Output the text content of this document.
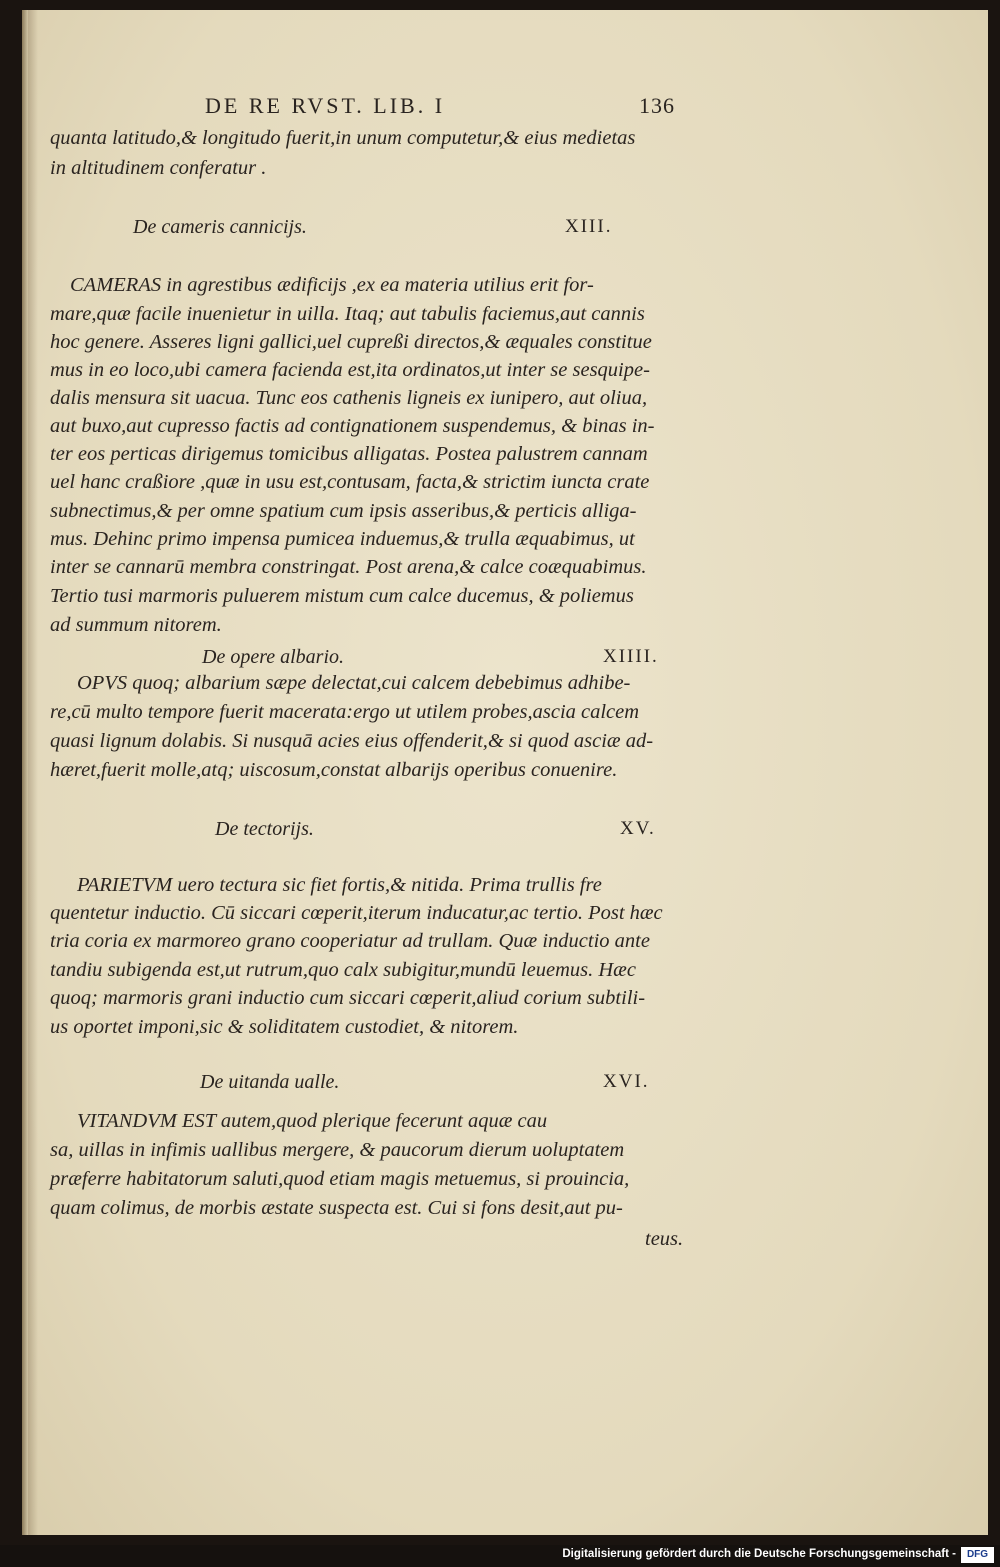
DE RE RVST. LIB. I	136
quanta latitudo,& longitudo fuerit,in unum computetur,& eius medietas
in altitudinem conferatur .
De cameris cannicijs.	XIII.
CAMERAS in agrestibus ædificijs ,ex ea materia utilius erit for-
mare,quæ facile inuenietur in uilla. Itaq; aut tabulis faciemus,aut cannis
hoc genere. Asseres ligni gallici,uel cupreßi directos,& æquales constitue
mus in eo loco,ubi camera facienda est,ita ordinatos,ut inter se sesquipe-
dalis mensura sit uacua. Tunc eos cathenis ligneis ex iunipero, aut oliua,
aut buxo,aut cupresso factis ad contignationem suspendemus, & binas in-
ter eos perticas dirigemus tomicibus alligatas. Postea palustrem cannam
uel hanc craßiore ,quæ in usu est,contusam, facta,& strictim iuncta crate
subnectimus,& per omne spatium cum ipsis asseribus,& perticis alliga-
mus. Dehinc primo impensa pumicea induemus,& trulla æquabimus, ut
inter se cannarū membra constringat. Post arena,& calce coæquabimus.
Tertio tusi marmoris puluerem mistum cum calce ducemus, & poliemus
ad summum nitorem.
De opere albario.	XIIII.
OPVS quoq; albarium sæpe delectat,cui calcem debebimus adhibe-
re,cū multo tempore fuerit macerata:ergo ut utilem probes,ascia calcem
quasi lignum dolabis. Si nusquā acies eius offenderit,& si quod asciæ ad-
hæret,fuerit molle,atq; uiscosum,constat albarijs operibus conuenire.
De tectorijs.	XV.
PARIETVM uero tectura sic fiet fortis,& nitida. Prima trullis fre
quentetur inductio. Cū siccari cœperit,iterum inducatur,ac tertio. Post hæc
tria coria ex marmoreo grano cooperiatur ad trullam. Quæ inductio ante
tandiu subigenda est,ut rutrum,quo calx subigitur,mundū leuemus. Hæc
quoq; marmoris grani inductio cum siccari cœperit,aliud corium subtili-
us oportet imponi,sic & soliditatem custodiet, & nitorem.
De uitanda ualle.	XVI.
VITANDVM EST autem,quod plerique fecerunt aquæ cau
sa, uillas in infimis uallibus mergere, & paucorum dierum uoluptatem
præferre habitatorum saluti,quod etiam magis metuemus, si prouincia,
quam colimus, de morbis æstate suspecta est. Cui si fons desit,aut pu-
teus.
Digitalisierung gefördert durch die Deutsche Forschungsgemeinschaft -	DFG
